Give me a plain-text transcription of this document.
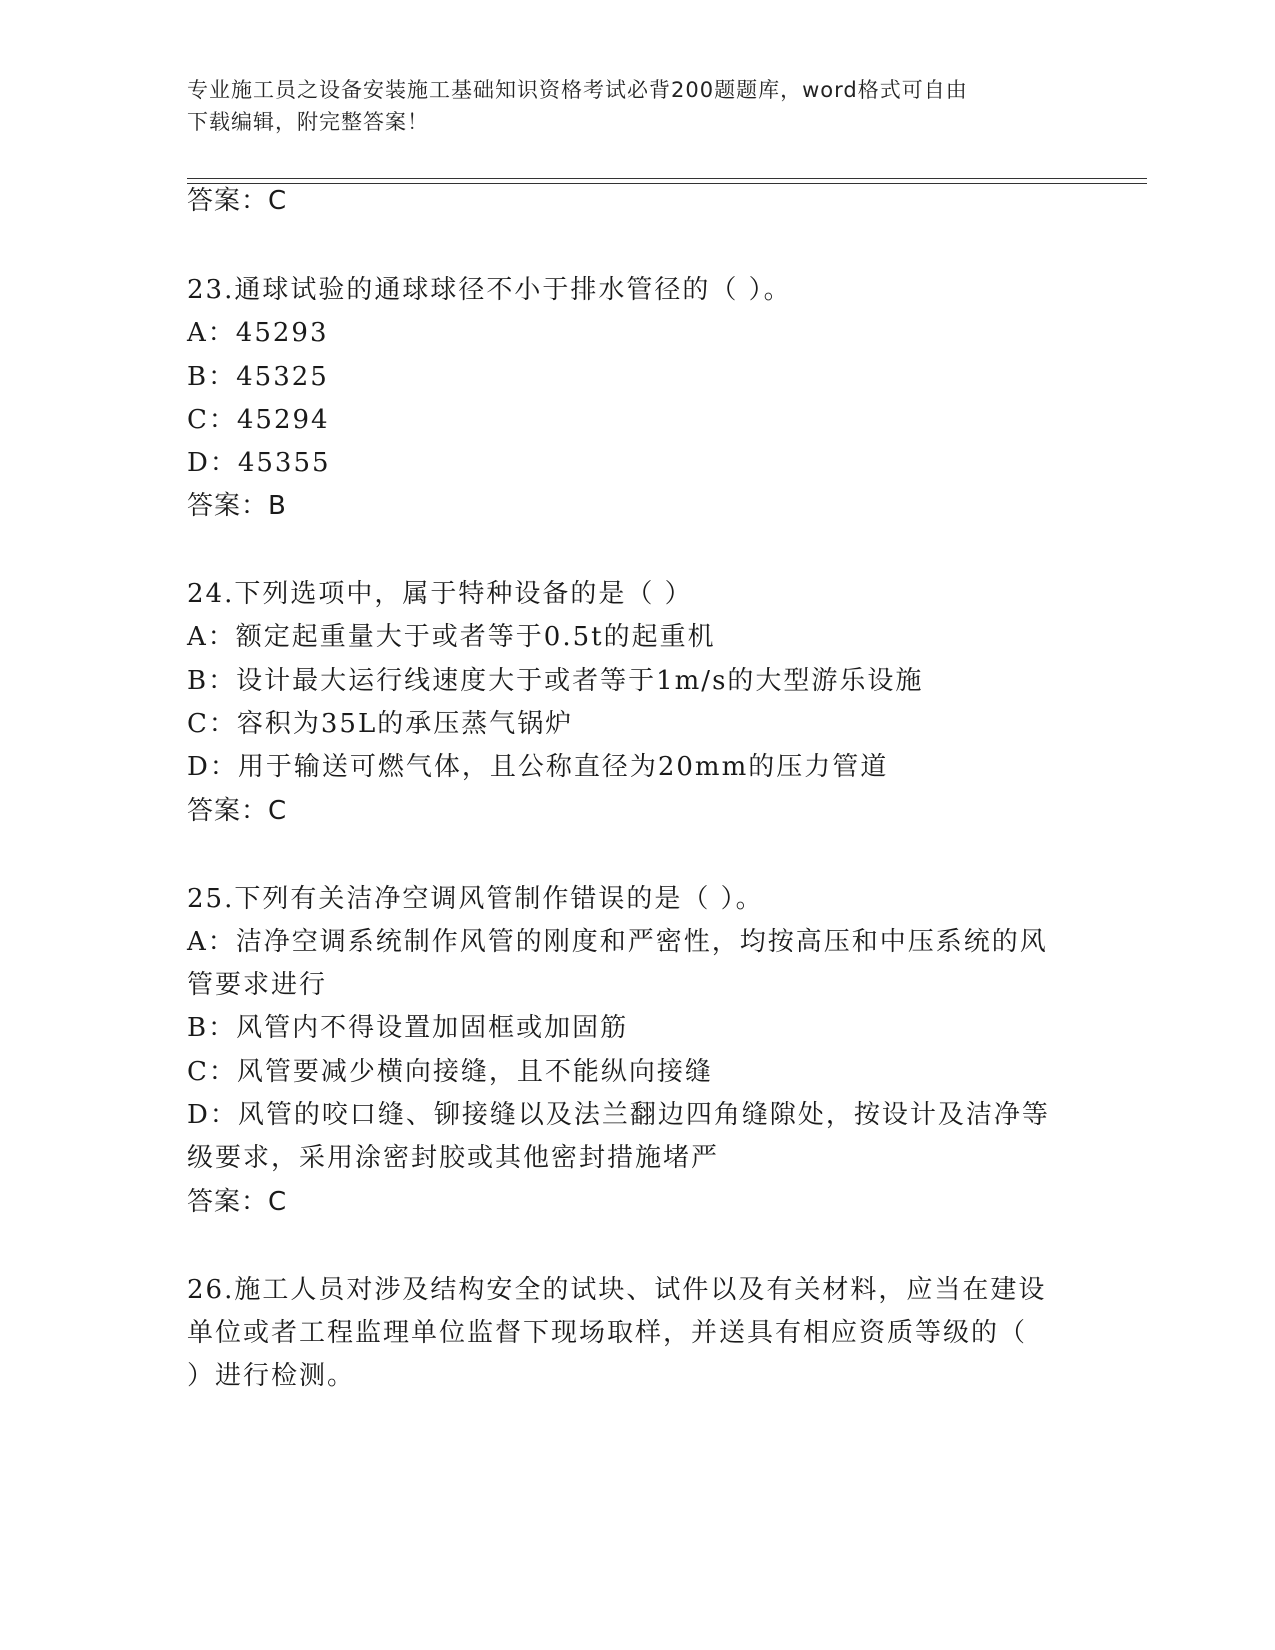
专业施工员之设备安装施工基础知识资格考试必背200题题库，word格式可自由
下载编辑，附完整答案！
答案：C
23.通球试验的通球球径不小于排水管径的（ ）。
A：45293
B：45325
C：45294
D：45355
答案：B
24.下列选项中，属于特种设备的是（ ）
A：额定起重量大于或者等于0.5t的起重机
B：设计最大运行线速度大于或者等于1m/s的大型游乐设施
C：容积为35L的承压蒸气锅炉
D：用于输送可燃气体，且公称直径为20mm的压力管道
答案：C
25.下列有关洁净空调风管制作错误的是（ ）。
A：洁净空调系统制作风管的刚度和严密性，均按高压和中压系统的风
管要求进行
B：风管内不得设置加固框或加固筋
C：风管要减少横向接缝，且不能纵向接缝
D：风管的咬口缝、铆接缝以及法兰翻边四角缝隙处，按设计及洁净等
级要求，采用涂密封胶或其他密封措施堵严
答案：C
26.施工人员对涉及结构安全的试块、试件以及有关材料，应当在建设
单位或者工程监理单位监督下现场取样，并送具有相应资质等级的（
）进行检测。
